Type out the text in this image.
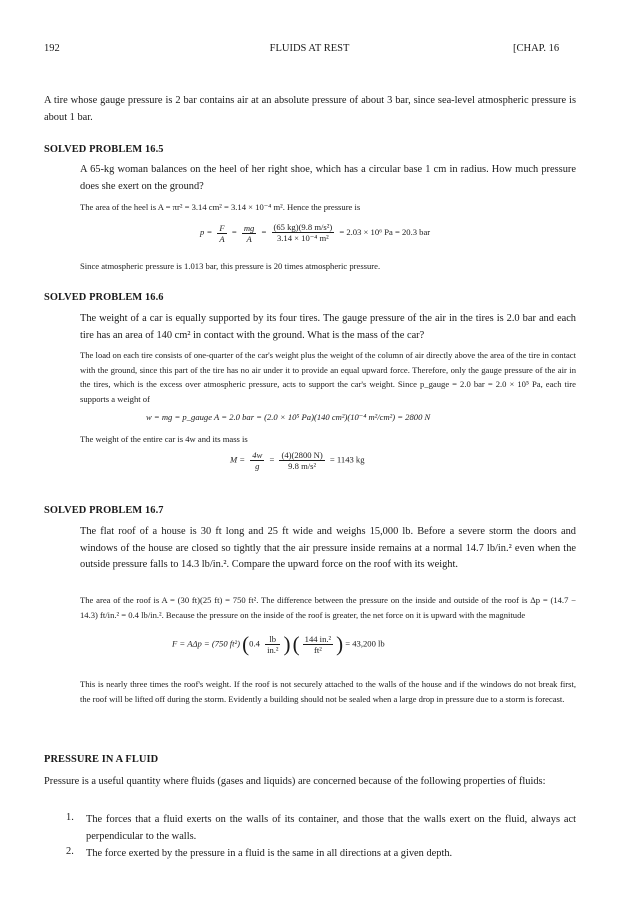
192	FLUIDS AT REST	[CHAP. 16

A tire whose gauge pressure is 2 bar contains air at an absolute pressure of about 3 bar, since sea-level atmospheric pressure is about 1 bar.

SOLVED PROBLEM 16.5

A 65-kg woman balances on the heel of her right shoe, which has a circular base 1 cm in radius. How much pressure does she exert on the ground?

The area of the heel is A = πr² = 3.14 cm² = 3.14 × 10⁻⁴ m². Hence the pressure is

$p = \frac{F}{A} = \frac{mg}{A} = \frac{\text{(65 kg)(9.8 m/s²)}}{\text{3.14 × 10⁻⁴ m²}} = 2.03 \times 10^6$ Pa = 20.3 bar

Since atmospheric pressure is 1.013 bar, this pressure is 20 times atmospheric pressure.

SOLVED PROBLEM 16.6

The weight of a car is equally supported by its four tires. The gauge pressure of the air in the tires is 2.0 bar and each tire has an area of 140 cm² in contact with the ground. What is the mass of the car?

The load on each tire consists of one-quarter of the car's weight plus the weight of the column of air directly above the area of the tire in contact with the ground, since this part of the tire has no air under it to provide an equal upward force. Therefore, only the gauge pressure of the air in the tires, which is the excess over atmospheric pressure, acts to support the car's weight. Since p_gauge = 2.0 bar = 2.0 × 10⁵ Pa, each tire supports a weight of

w = mg = p_gauge A = 2.0 bar = (2.0 × 10⁵ Pa)(140 cm²)(10⁻⁴ m²/cm²) = 2800 N

The weight of the entire car is 4w and its mass is

$M = \frac{4w}{g} = \frac{(4)(2800 N)}{\text{9.8 m/s²}} = 1143$ kg

SOLVED PROBLEM 16.7

The flat roof of a house is 30 ft long and 25 ft wide and weighs 15,000 lb. Before a severe storm the doors and windows of the house are closed so tightly that the air pressure inside remains at a normal 14.7 lb/in.² even when the outside pressure falls to 14.3 lb/in.². Compare the upward force on the roof with its weight.

The area of the roof is A = (30 ft)(25 ft) = 750 ft². The difference between the pressure on the inside and outside of the roof is Δp = (14.7 − 14.3) ft/in.² = 0.4 lb/in.². Because the pressure on the inside of the roof is greater, the net force on it is upward with the magnitude

F = AΔp = (750 ft²) ($0.4 \frac{lb}{\text{in.²}}$ ) ( $\frac{\text{144 in.²}}{\text{ft²}}$ ) = 43,200 lb

This is nearly three times the roof's weight. If the roof is not securely attached to the walls of the house and if the windows do not break first, the roof will be lifted off during the storm. Evidently a building should not be sealed when a large drop in pressure due to a storm is forecast.

PRESSURE IN A FLUID

Pressure is a useful quantity where fluids (gases and liquids) are concerned because of the following properties of fluids:

1. The forces that a fluid exerts on the walls of its container, and those that the walls exert on the fluid, always act perpendicular to the walls.

2. The force exerted by the pressure in a fluid is the same in all directions at a given depth.
